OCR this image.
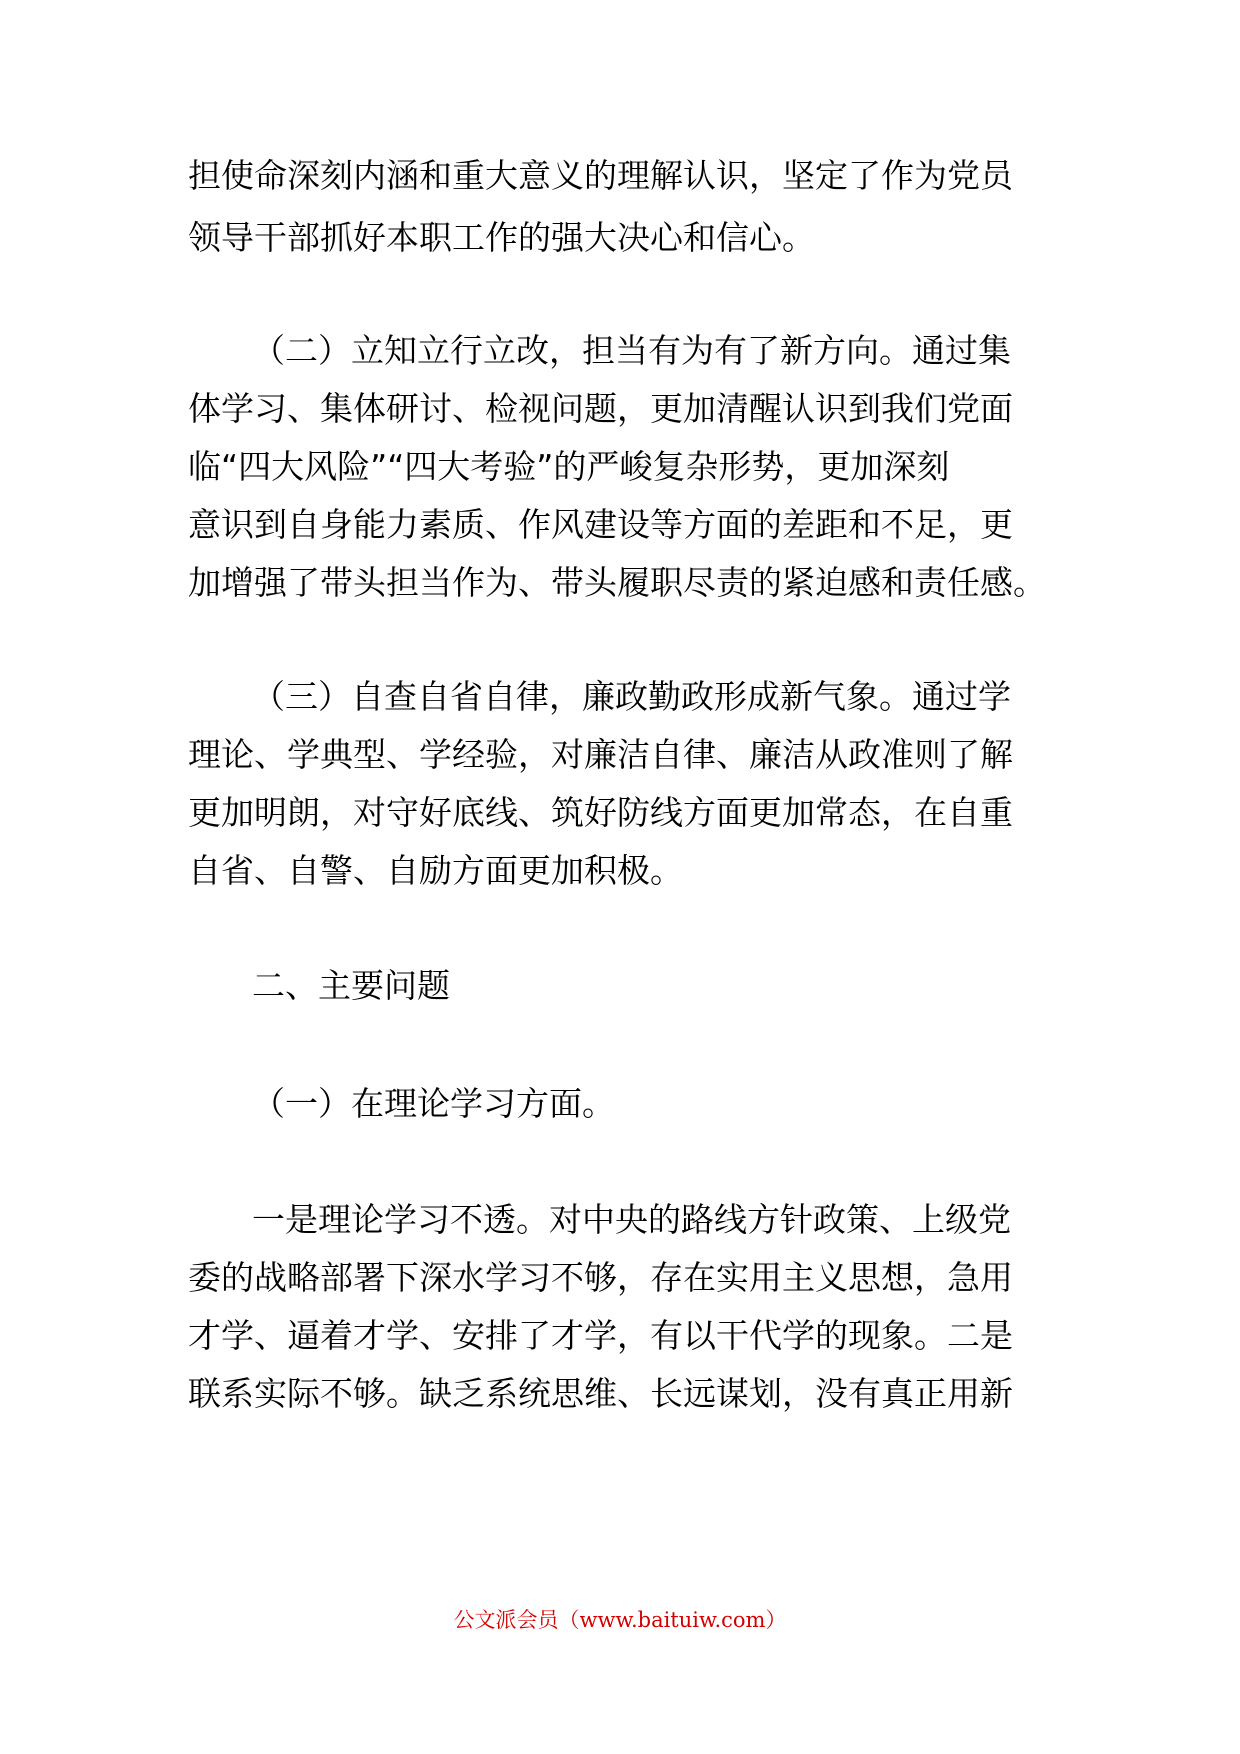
担使命深刻内涵和重大意义的理解认识，坚定了作为党员
领导干部抓好本职工作的强大决心和信心。
（二）立知立行立改，担当有为有了新方向。通过集
体学习、集体研讨、检视问题，更加清醒认识到我们党面
临“四大风险”“四大考验”的严峻复杂形势，更加深刻
意识到自身能力素质、作风建设等方面的差距和不足，更
加增强了带头担当作为、带头履职尽责的紧迫感和责任感。
（三）自查自省自律，廉政勤政形成新气象。通过学
理论、学典型、学经验，对廉洁自律、廉洁从政准则了解
更加明朗，对守好底线、筑好防线方面更加常态，在自重
自省、自警、自励方面更加积极。
二、主要问题
（一）在理论学习方面。
一是理论学习不透。对中央的路线方针政策、上级党
委的战略部署下深水学习不够，存在实用主义思想，急用
才学、逼着才学、安排了才学，有以干代学的现象。二是
联系实际不够。缺乏系统思维、长远谋划，没有真正用新
公文派会员（www.baituiw.com）
